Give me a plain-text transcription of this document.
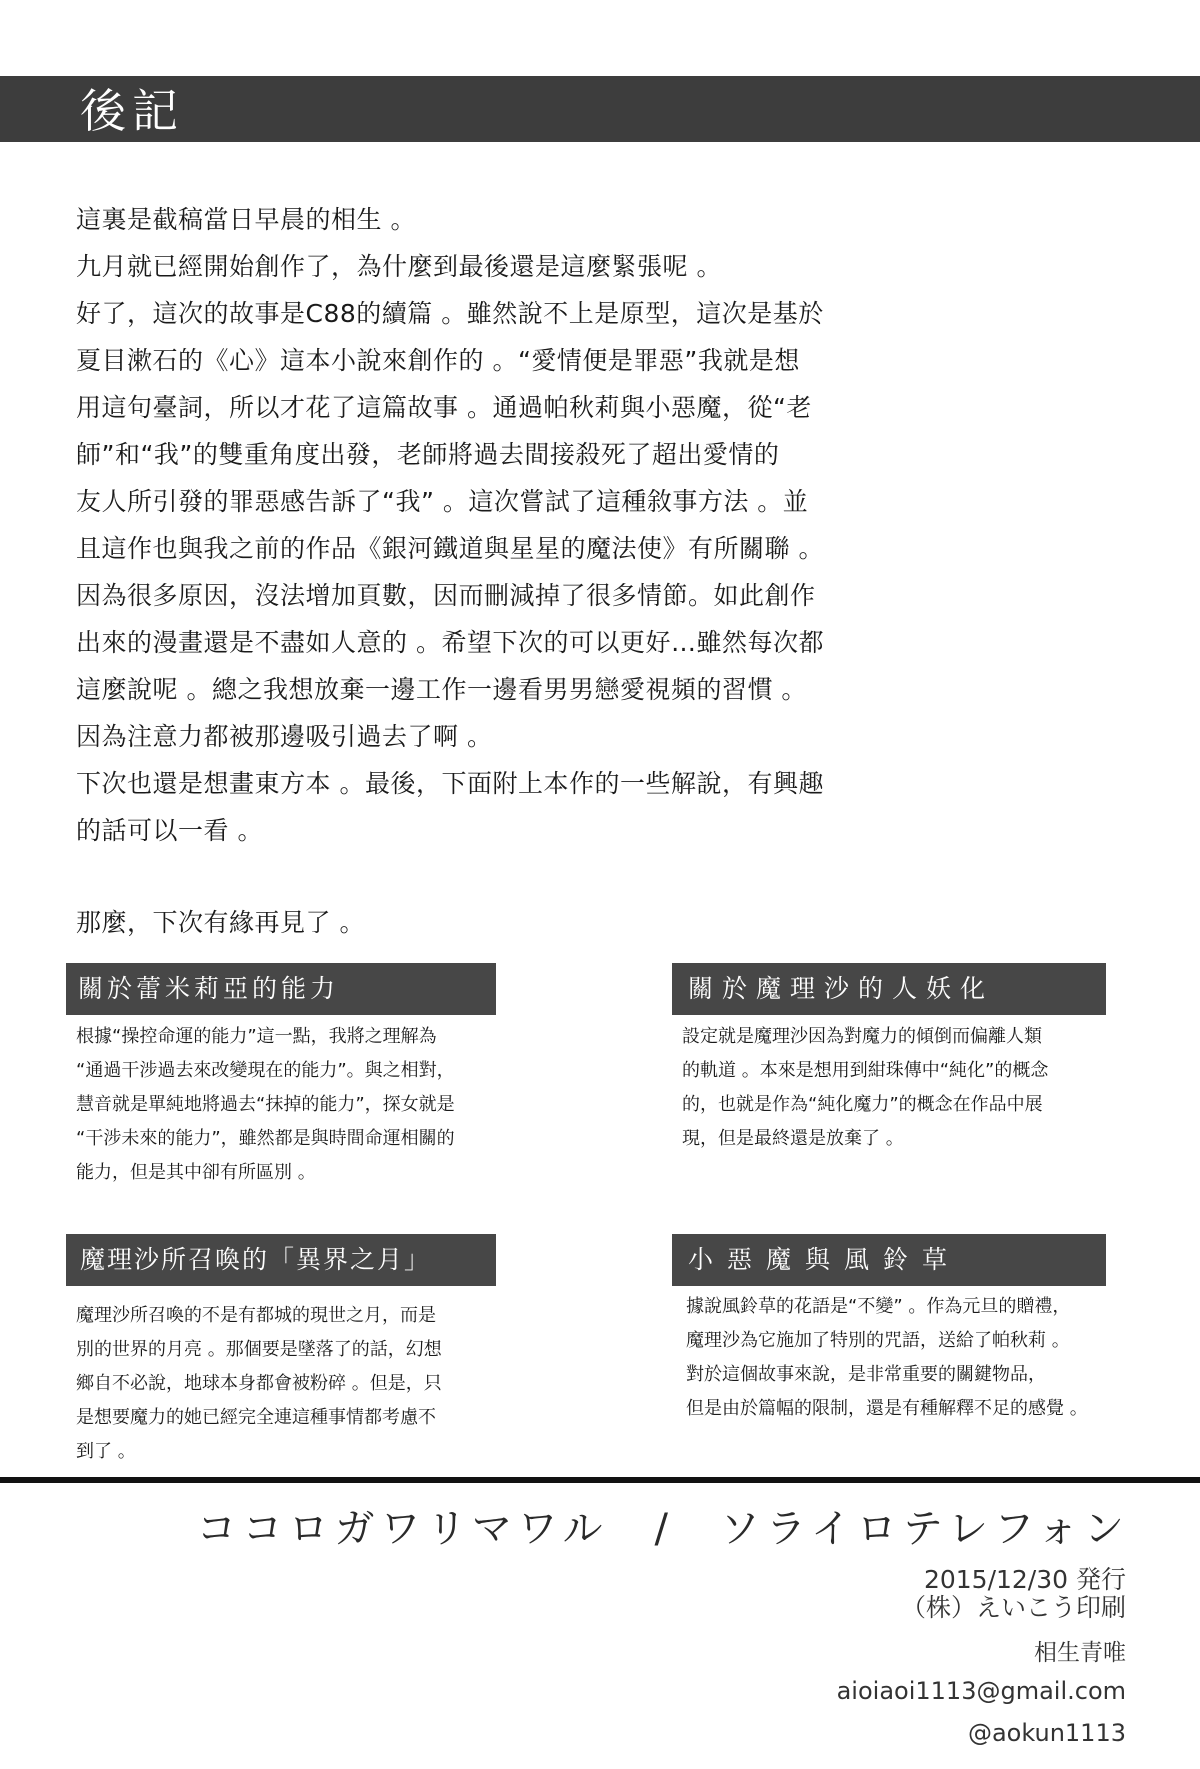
後記
這裏是截稿當日早晨的相生 。
九月就已經開始創作了，為什麼到最後還是這麼緊張呢 。
好了，這次的故事是C88的續篇 。雖然說不上是原型，這次是基於
夏目漱石的《心》這本小說來創作的 。“愛情便是罪惡”我就是想
用這句臺詞，所以才花了這篇故事 。通過帕秋莉與小惡魔，從“老
師”和“我”的雙重角度出發，老師將過去間接殺死了超出愛情的
友人所引發的罪惡感告訴了“我” 。這次嘗試了這種敘事方法 。並
且這作也與我之前的作品《銀河鐵道與星星的魔法使》有所關聯 。
因為很多原因，沒法增加頁數，因而刪減掉了很多情節。如此創作
出來的漫畫還是不盡如人意的 。希望下次的可以更好…雖然每次都
這麼說呢 。總之我想放棄一邊工作一邊看男男戀愛視頻的習慣 。
因為注意力都被那邊吸引過去了啊 。
下次也還是想畫東方本 。最後，下面附上本作的一些解說，有興趣
的話可以一看 。
那麼，下次有緣再見了 。
關於蕾米莉亞的能力
根據“操控命運的能力”這一點，我將之理解為
“通過干涉過去來改變現在的能力”。與之相對，
慧音就是單純地將過去“抹掉的能力”，探女就是
“干涉未來的能力”，雖然都是與時間命運相關的
能力，但是其中卻有所區別 。
關於魔理沙的人妖化
設定就是魔理沙因為對魔力的傾倒而偏離人類
的軌道 。本來是想用到紺珠傳中“純化”的概念
的，也就是作為“純化魔力”的概念在作品中展
現，但是最終還是放棄了 。
魔理沙所召喚的「異界之月」
魔理沙所召喚的不是有都城的現世之月，而是
別的世界的月亮 。那個要是墜落了的話，幻想
鄉自不必說，地球本身都會被粉碎 。但是，只
是想要魔力的她已經完全連這種事情都考慮不
到了 。
小惡魔與風鈴草
據說風鈴草的花語是“不變” 。作為元旦的贈禮，
魔理沙為它施加了特別的咒語，送給了帕秋莉 。
對於這個故事來說，是非常重要的關鍵物品，
但是由於篇幅的限制，還是有種解釋不足的感覺 。
ココロガワリマワル　/　ソライロテレフォン
2015/12/30 発行
（株）えいこう印刷
相生青唯
aioiaoi1113@gmail.com
@aokun1113
